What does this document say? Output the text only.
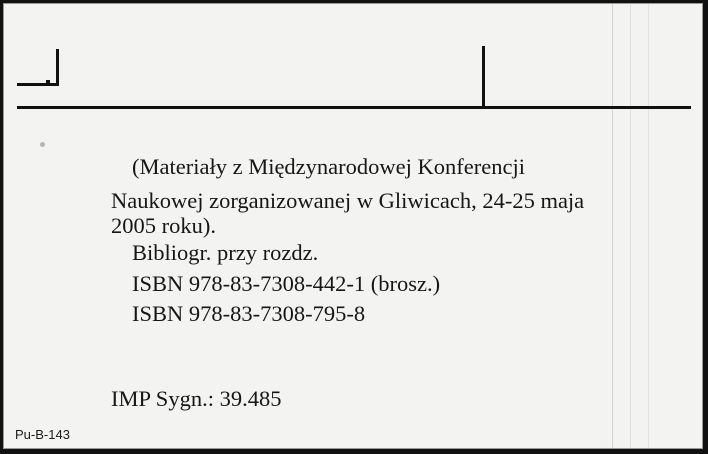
(Materiały z Międzynarodowej Konferencji
Naukowej zorganizowanej w Gliwicach, 24-25 maja
2005 roku).
Bibliogr. przy rozdz.
ISBN 978-83-7308-442-1 (brosz.)
ISBN 978-83-7308-795-8
IMP Sygn.: 39.485
Pu-B-143
